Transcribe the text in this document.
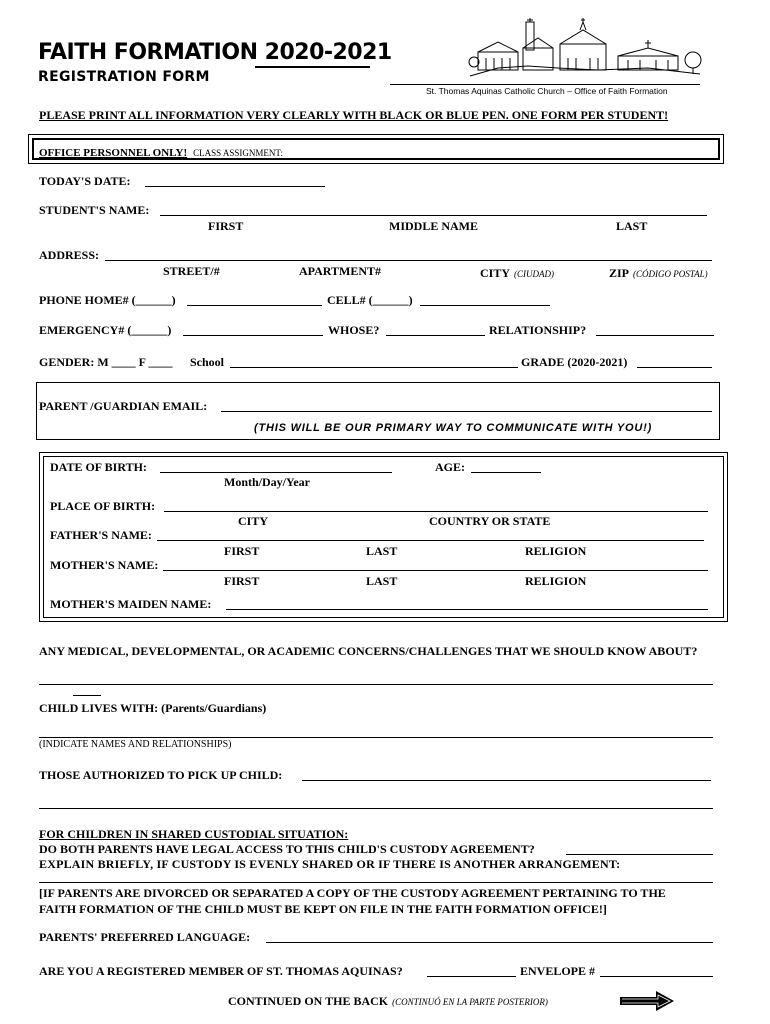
FAITH FORMATION 2020-2021
REGISTRATION FORM
St. Thomas Aquinas Catholic Church – Office of Faith Formation
PLEASE PRINT ALL INFORMATION VERY CLEARLY WITH BLACK OR BLUE PEN. ONE FORM PER STUDENT!
OFFICE PERSONNEL ONLY! CLASS ASSIGNMENT:
TODAY'S DATE:
STUDENT'S NAME:
FIRST	MIDDLE NAME	LAST
ADDRESS:
STREET/#	APARTMENT#	CITY (CIUDAD)	ZIP (CÓDIGO POSTAL)
PHONE HOME# (______)	CELL# (______)
EMERGENCY# (______)	WHOSE?	RELATIONSHIP?
GENDER: M ____ F ____ School	GRADE (2020-2021)
PARENT /GUARDIAN EMAIL:
(THIS WILL BE OUR PRIMARY WAY TO COMMUNICATE WITH YOU!)
DATE OF BIRTH:	AGE:
Month/Day/Year
PLACE OF BIRTH:
CITY	COUNTRY OR STATE
FATHER'S NAME:
FIRST	LAST	RELIGION
MOTHER'S NAME:
FIRST	LAST	RELIGION
MOTHER'S MAIDEN NAME:
ANY MEDICAL, DEVELOPMENTAL, OR ACADEMIC CONCERNS/CHALLENGES THAT WE SHOULD KNOW ABOUT?
CHILD LIVES WITH: (Parents/Guardians)
(INDICATE NAMES AND RELATIONSHIPS)
THOSE AUTHORIZED TO PICK UP CHILD:
FOR CHILDREN IN SHARED CUSTODIAL SITUATION:
DO BOTH PARENTS HAVE LEGAL ACCESS TO THIS CHILD'S CUSTODY AGREEMENT?
EXPLAIN BRIEFLY, IF CUSTODY IS EVENLY SHARED OR IF THERE IS ANOTHER ARRANGEMENT:
[IF PARENTS ARE DIVORCED OR SEPARATED A COPY OF THE CUSTODY AGREEMENT PERTAINING TO THE
FAITH FORMATION OF THE CHILD MUST BE KEPT ON FILE IN THE FAITH FORMATION OFFICE!]
PARENTS' PREFERRED LANGUAGE:
ARE YOU A REGISTERED MEMBER OF ST. THOMAS AQUINAS?	ENVELOPE #
CONTINUED ON THE BACK (CONTINUÓ EN LA PARTE POSTERIOR)
